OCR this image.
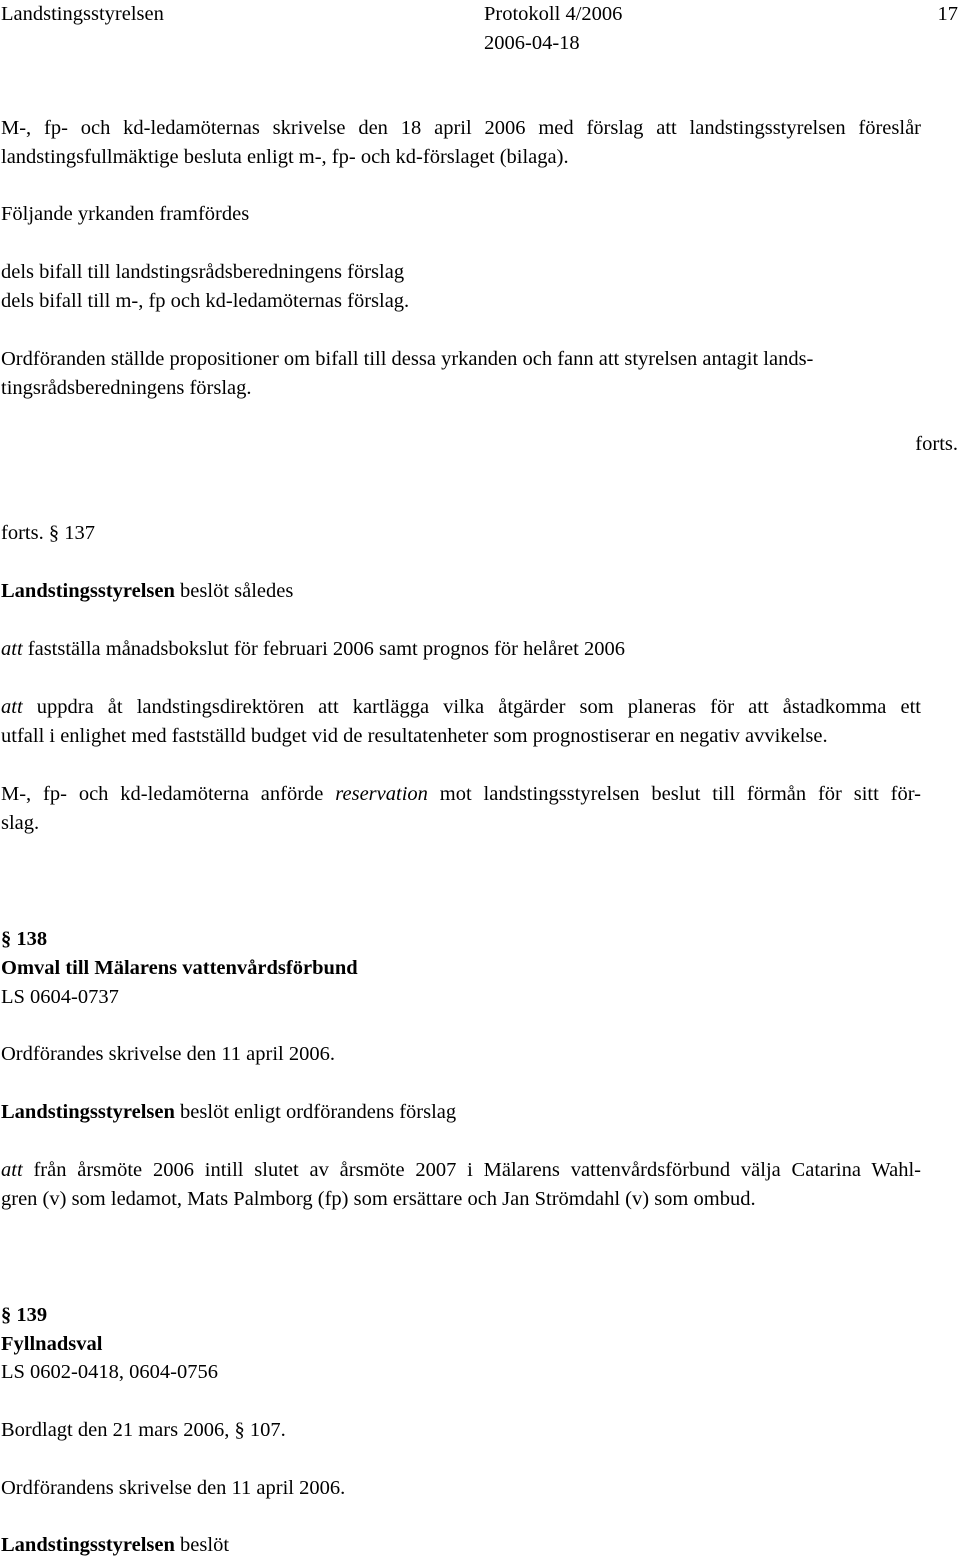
Landstingsstyrelsen	Protokoll 4/2006
2006-04-18
17
M-, fp- och kd-ledamöternas skrivelse den 18 april 2006 med förslag att landstingsstyrelsen föreslår
landstingsfullmäktige besluta enligt m-, fp- och kd-förslaget (bilaga).
Följande yrkanden framfördes
dels bifall till landstingsrådsberedningens förslag
dels bifall till m-, fp och kd-ledamöternas förslag.
Ordföranden ställde propositioner om bifall till dessa yrkanden och fann att styrelsen antagit lands-
tingsrådsberedningens förslag.
forts.
forts. § 137
Landstingsstyrelsen beslöt således
att fastställa månadsbokslut för februari 2006 samt prognos för helåret 2006
att uppdra åt landstingsdirektören att kartlägga vilka åtgärder som planeras för att åstadkomma ett
utfall i enlighet med fastställd budget vid de resultatenheter som prognostiserar en negativ avvikelse.
M-, fp- och kd-ledamöterna anförde reservation mot landstingsstyrelsen beslut till förmån för sitt för-
slag.
§ 138
Omval till Mälarens vattenvårdsförbund
LS 0604-0737
Ordförandes skrivelse den 11 april 2006.
Landstingsstyrelsen beslöt enligt ordförandens förslag
att från årsmöte 2006 intill slutet av årsmöte 2007 i Mälarens vattenvårdsförbund välja Catarina Wahl-
gren (v) som ledamot, Mats Palmborg (fp) som ersättare och Jan Strömdahl (v) som ombud.
§ 139
Fyllnadsval
LS 0602-0418, 0604-0756
Bordlagt den 21 mars 2006, § 107.
Ordförandens skrivelse den 11 april 2006.
Landstingsstyrelsen beslöt
